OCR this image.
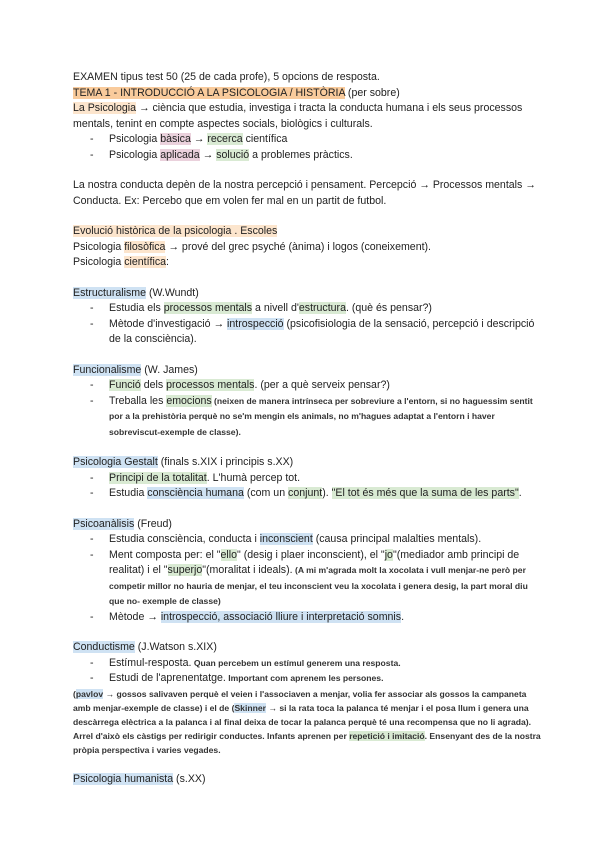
EXAMEN tipus test 50 (25 de cada profe), 5 opcions de resposta.

TEMA 1 - INTRODUCCIÓ A LA PSICOLOGIA / HISTÒRIA (per sobre)

La Psicologia → ciència que estudia, investiga i tracta la conducta humana i els seus processos mentals, tenint en compte aspectes socials, biològics i culturals.

- Psicologia bàsica → recerca científica
- Psicologia aplicada → solució a problemes pràctics.

La nostra conducta depèn de la nostra percepció i pensament. Percepció → Processos mentals → Conducta. Ex: Percebo que em volen fer mal en un partit de futbol.

Evolució històrica de la psicologia . Escoles

Psicologia filosòfica → prové del grec psyché (ànima) i logos (coneixement).

Psicologia científica:

Estructuralisme (W.Wundt)

- Estudia els processos mentals a nivell d'estructura. (què és pensar?)
- Mètode d'investigació → introspecció (psicofisiologia de la sensació, percepció i descripció de la consciència).

Funcionalisme (W. James)

- Funció dels processos mentals. (per a què serveix pensar?)
- Treballa les emocions (neixen de manera intrínseca per sobreviure a l'entorn, si no haguessim sentit por a la prehistòria perquè no se'm mengin els animals, no m'hagues adaptat a l'entorn i haver sobreviscut-exemple de classe).

Psicologia Gestalt (finals s.XIX i principis s.XX)

- Principi de la totalitat. L'humà percep tot.
- Estudia consciència humana (com un conjunt). "El tot és més que la suma de les parts".

Psicoanàlisis (Freud)

- Estudia consciència, conducta i inconscient (causa principal malalties mentals).
- Ment composta per: el "ello" (desig i plaer inconscient), el "jo"(mediador amb principi de realitat) i el "superjo"(moralitat i ideals). (A mi m'agrada molt la xocolata i vull menjar-ne però per competir millor no hauria de menjar, el teu inconscient veu la xocolata i genera desig, la part moral diu que no- exemple de classe)
- Mètode → introspecció, associació lliure i interpretació somnis.

Conductisme (J.Watson s.XIX)

- Estímul-resposta. Quan percebem un estímul generem una resposta.
- Estudi de l'aprenentatge. Important com aprenem les persones.

(pavlov → gossos salivaven perquè el veien i l'associaven a menjar, volia fer associar als gossos la campaneta amb menjar-exemple de classe) i el de (Skinner → si la rata toca la palanca té menjar i el posa llum i genera una descàrrega elèctrica a la palanca i al final deixa de tocar la palanca perquè té una recompensa que no li agrada). Arrel d'això els càstigs per redirigir conductes. Infants aprenen per repetició i imitació. Ensenyant des de la nostra pròpia perspectiva i varies vegades.

Psicologia humanista (s.XX)
